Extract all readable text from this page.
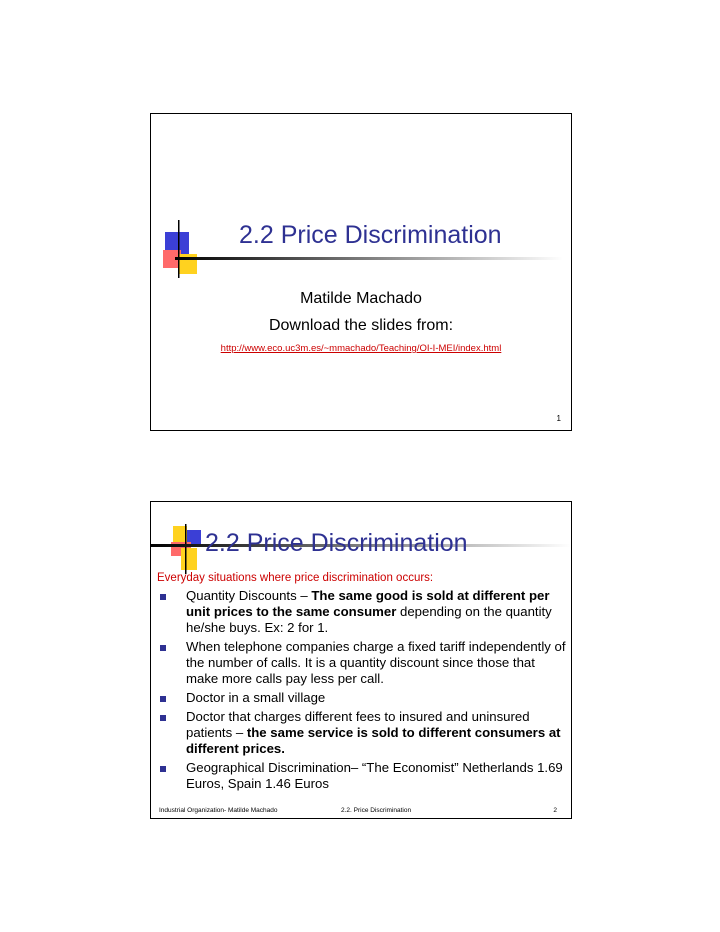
2.2 Price Discrimination
Matilde Machado
Download the slides from:
http://www.eco.uc3m.es/~mmachado/Teaching/OI-I-MEI/index.html
1
2.2 Price Discrimination
Everyday situations where price discrimination occurs:
Quantity Discounts – The same good is sold at different per unit prices to the same consumer depending on the quantity he/she buys. Ex: 2 for 1.
When telephone companies charge a fixed tariff independently of the number of calls. It is a quantity discount since those that make more calls pay less per call.
Doctor in a small village
Doctor that charges different fees to insured and uninsured patients – the same service is sold to different consumers at different prices.
Geographical Discrimination– “The Economist” Netherlands 1.69 Euros, Spain 1.46 Euros
Industrial Organization- Matilde Machado	2.2. Price Discrimination	2
